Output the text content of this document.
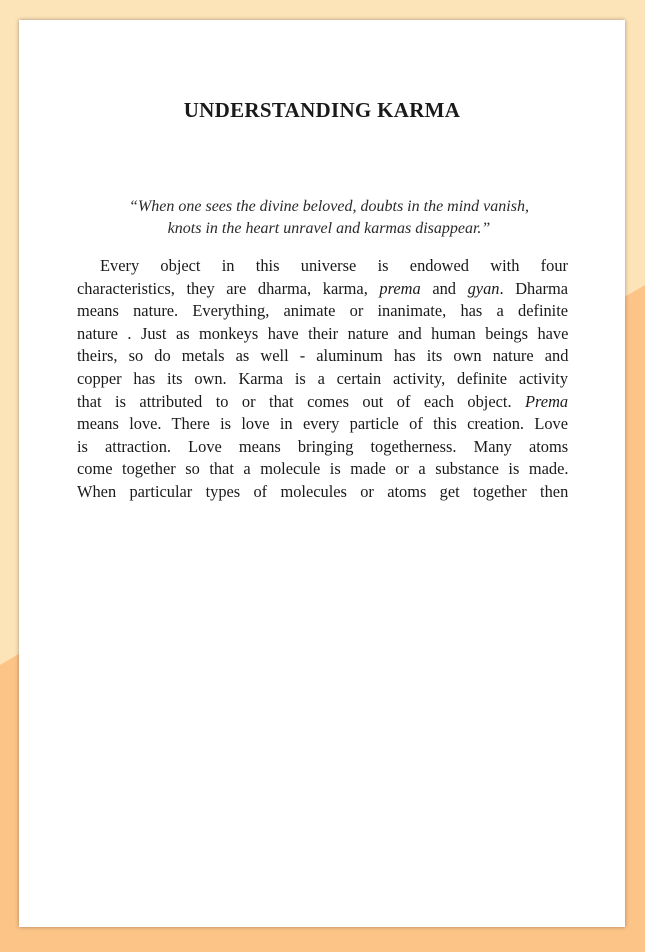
UNDERSTANDING KARMA

“When one sees the divine beloved, doubts in the mind vanish,
knots in the heart unravel and karmas disappear.”

Every object in this universe is endowed with four
characteristics, they are dharma, karma, prema and gyan. Dharma
means nature. Everything, animate or inanimate, has a definite
nature . Just as monkeys have their nature and human beings have
theirs, so do metals as well - aluminum has its own nature and
copper has its own. Karma is a certain activity, definite activity
that is attributed to or that comes out of each object. Prema
means love. There is love in every particle of this creation. Love
is attraction. Love means bringing togetherness. Many atoms
come together so that a molecule is made or a substance is made.
When particular types of molecules or atoms get together then
